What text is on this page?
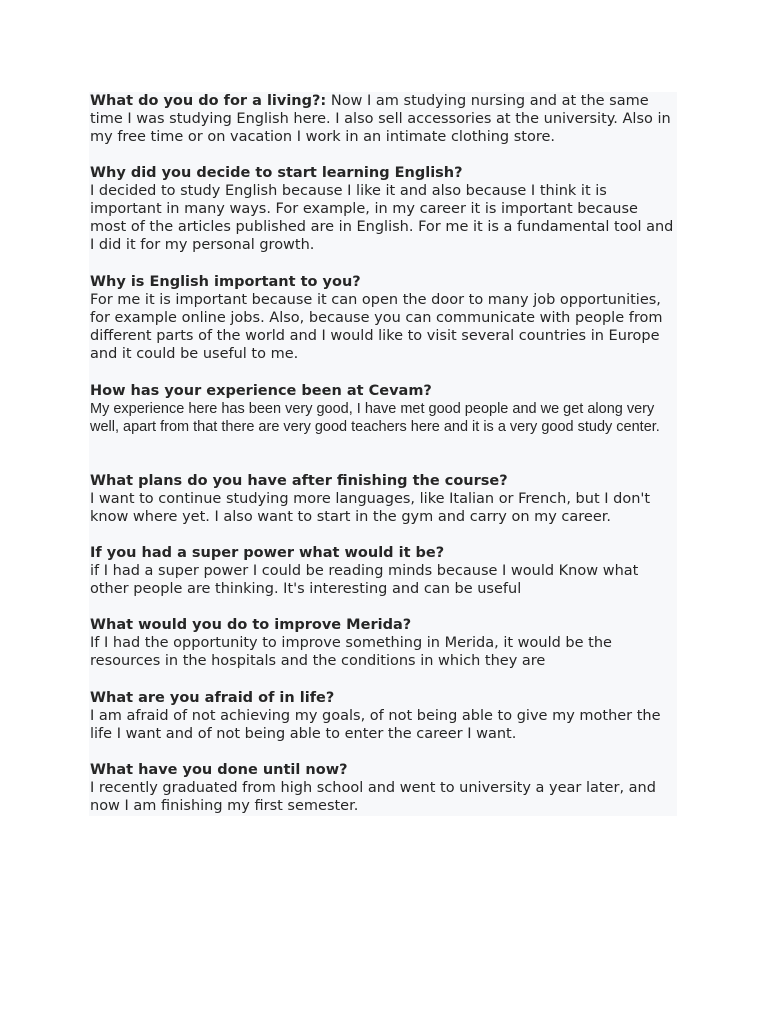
What do you do for a living?: Now I am studying nursing and at the same time I was studying English here. I also sell accessories at the university. Also in my free time or on vacation I work in an intimate clothing store.

Why did you decide to start learning English?

I decided to study English because I like it and also because I think it is important in many ways. For example, in my career it is important because most of the articles published are in English. For me it is a fundamental tool and I did it for my personal growth.

Why is English important to you?

For me it is important because it can open the door to many job opportunities, for example online jobs. Also, because you can communicate with people from different parts of the world and I would like to visit several countries in Europe and it could be useful to me.

How has your experience been at Cevam?

My experience here has been very good, I have met good people and we get along very well, apart from that there are very good teachers here and it is a very good study center.

What plans do you have after finishing the course?

I want to continue studying more languages, like Italian or French, but I don't know where yet. I also want to start in the gym and carry on my career.

If you had a super power what would it be?

if I had a super power I could be reading minds because I would Know what other people are thinking. It's interesting and can be useful

What would you do to improve Merida?

If I had the opportunity to improve something in Merida, it would be the resources in the hospitals and the conditions in which they are

What are you afraid of in life?

I am afraid of not achieving my goals, of not being able to give my mother the life I want and of not being able to enter the career I want.

What have you done until now?

I recently graduated from high school and went to university a year later, and now I am finishing my first semester.
